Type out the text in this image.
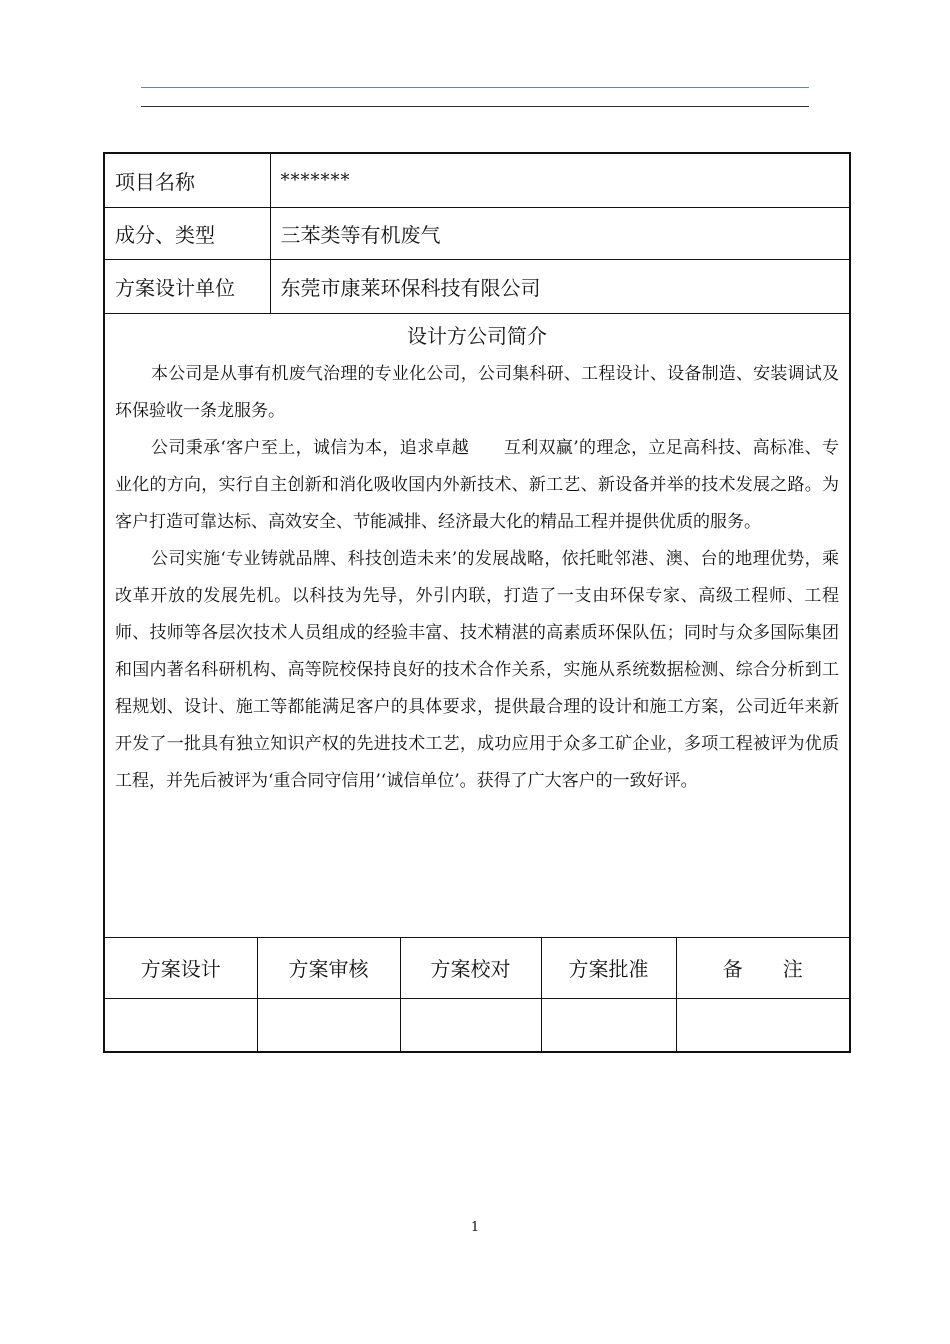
项目名称		*******			
成分、类型		三苯类等有机废气			
方案设计单位		东莞市康莱环保科技有限公司			

设计方公司简介

本公司是从事有机废气治理的专业化公司，公司集科研、工程设计、设备制造、安装调试及环保验收一条龙服务。

公司秉承‘客户至上，诚信为本，追求卓越　　互利双赢’的理念，立足高科技、高标准、专业化的方向，实行自主创新和消化吸收国内外新技术、新工艺、新设备并举的技术发展之路。为客户打造可靠达标、高效安全、节能减排、经济最大化的精品工程并提供优质的服务。

公司实施‘专业铸就品牌、科技创造未来’的发展战略，依托毗邻港、澳、台的地理优势，乘改革开放的发展先机。以科技为先导，外引内联，打造了一支由环保专家、高级工程师、工程师、技师等各层次技术人员组成的经验丰富、技术精湛的高素质环保队伍；同时与众多国际集团和国内著名科研机构、高等院校保持良好的技术合作关系，实施从系统数据检测、综合分析到工程规划、设计、施工等都能满足客户的具体要求，提供最合理的设计和施工方案，公司近年来新开发了一批具有独立知识产权的先进技术工艺，成功应用于众多工矿企业，多项工程被评为优质工程，并先后被评为‘重合同守信用’‘诚信单位’。获得了广大客户的一致好评。					

方案设计	方案审核		方案校对	方案批准	备　　注

1
